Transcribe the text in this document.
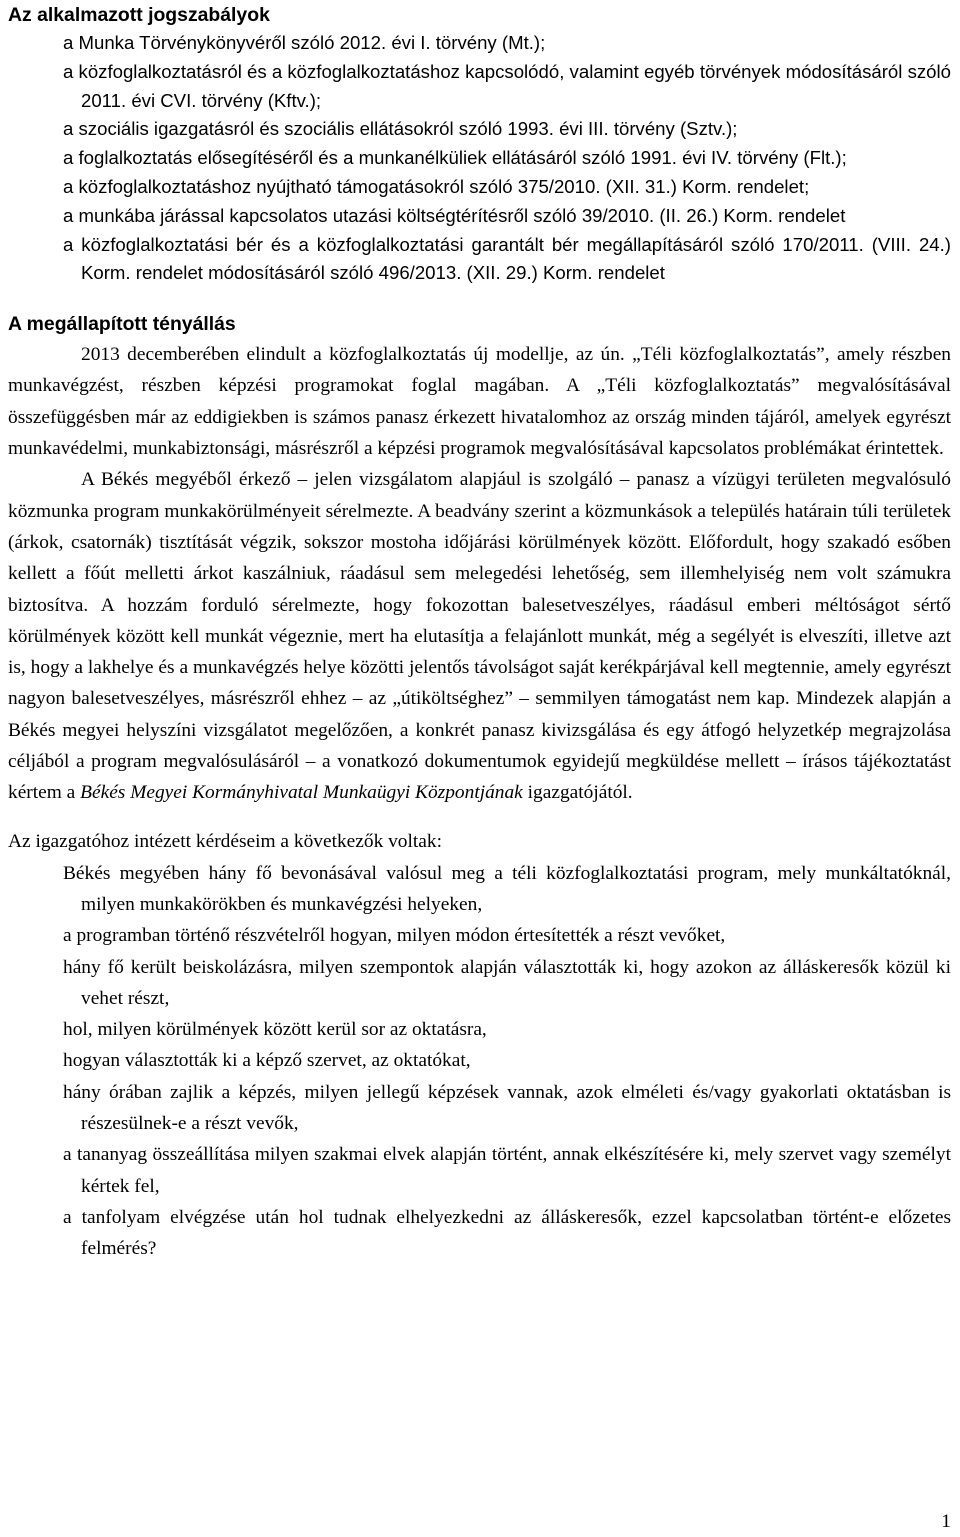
Az alkalmazott jogszabályok
a Munka Törvénykönyvéről szóló 2012. évi I. törvény (Mt.);
a közfoglalkoztatásról és a közfoglalkoztatáshoz kapcsolódó, valamint egyéb törvények módosításáról szóló 2011. évi CVI. törvény (Kftv.);
a szociális igazgatásról és szociális ellátásokról szóló 1993. évi III. törvény (Sztv.);
a foglalkoztatás elősegítéséről és a munkanélküliek ellátásáról szóló 1991. évi IV. törvény (Flt.);
a közfoglalkoztatáshoz nyújtható támogatásokról szóló 375/2010. (XII. 31.) Korm. rendelet;
a munkába járással kapcsolatos utazási költségtérítésről szóló 39/2010. (II. 26.) Korm. rendelet
a közfoglalkoztatási bér és a közfoglalkoztatási garantált bér megállapításáról szóló 170/2011. (VIII. 24.) Korm. rendelet módosításáról szóló 496/2013. (XII. 29.) Korm. rendelet
A megállapított tényállás

2013 decemberében elindult a közfoglalkoztatás új modellje, az ún. „Téli közfoglalkoztatás”, amely részben munkavégzést, részben képzési programokat foglal magában. A „Téli közfoglalkoztatás” megvalósításával összefüggésben már az eddigiekben is számos panasz érkezett hivatalomhoz az ország minden tájáról, amelyek egyrészt munkavédelmi, munkabiztonsági, másrészről a képzési programok megvalósításával kapcsolatos problémákat érintettek.

A Békés megyéből érkező – jelen vizsgálatom alapjául is szolgáló – panasz a vízügyi területen megvalósuló közmunka program munkakörülményeit sérelmezte. A beadvány szerint a közmunkások a település határain túli területek (árkok, csatornák) tisztítását végzik, sokszor mostoha időjárási körülmények között. Előfordult, hogy szakadó esőben kellett a főút melletti árkot kaszálniuk, ráadásul sem melegedési lehetőség, sem illemhelyiség nem volt számukra biztosítva. A hozzám forduló sérelmezte, hogy fokozottan balesetveszélyes, ráadásul emberi méltóságot sértő körülmények között kell munkát végeznie, mert ha elutasítja a felajánlott munkát, még a segélyét is elveszíti, illetve azt is, hogy a lakhelye és a munkavégzés helye közötti jelentős távolságot saját kerékpárjával kell megtennie, amely egyrészt nagyon balesetveszélyes, másrészről ehhez – az „útiköltséghez” – semmilyen támogatást nem kap. Mindezek alapján a Békés megyei helyszíni vizsgálatot megelőzően, a konkrét panasz kivizsgálása és egy átfogó helyzetkép megrajzolása céljából a program megvalósulásáról – a vonatkozó dokumentumok egyidejű megküldése mellett – írásos tájékoztatást kértem a Békés Megyei Kormányhivatal Munkaügyi Központjának igazgatójától.

Az igazgatóhoz intézett kérdéseim a következők voltak:
Békés megyében hány fő bevonásával valósul meg a téli közfoglalkoztatási program, mely munkáltatóknál, milyen munkakörökben és munkavégzési helyeken,
a programban történő részvételről hogyan, milyen módon értesítették a részt vevőket,
hány fő került beiskolázásra, milyen szempontok alapján választották ki, hogy azokon az álláskeresők közül ki vehet részt,
hol, milyen körülmények között kerül sor az oktatásra,
hogyan választották ki a képző szervet, az oktatókat,
hány órában zajlik a képzés, milyen jellegű képzések vannak, azok elméleti és/vagy gyakorlati oktatásban is részesülnek-e a részt vevők,
a tananyag összeállítása milyen szakmai elvek alapján történt, annak elkészítésére ki, mely szervet vagy személyt kértek fel,
a tanfolyam elvégzése után hol tudnak elhelyezkedni az álláskeresők, ezzel kapcsolatban történt-e előzetes felmérés?
1
